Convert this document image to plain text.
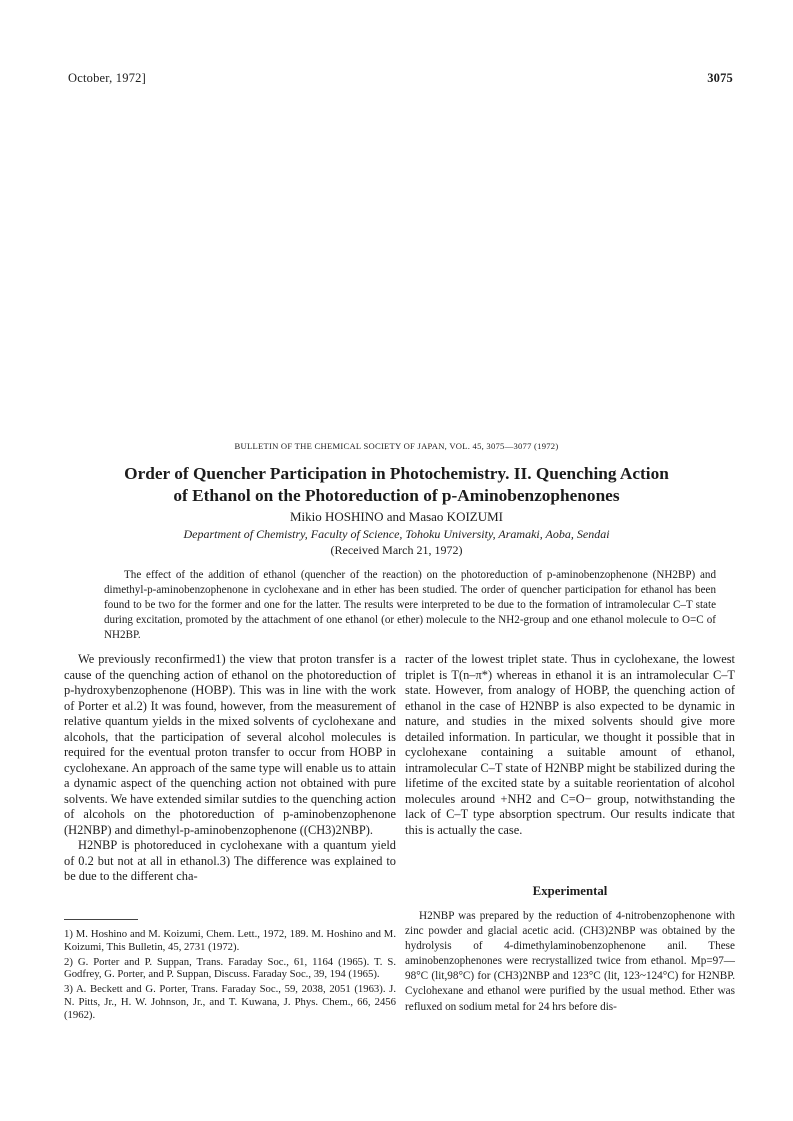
October, 1972]	3075
BULLETIN OF THE CHEMICAL SOCIETY OF JAPAN, VOL. 45, 3075—3077 (1972)
Order of Quencher Participation in Photochemistry. II. Quenching Action
of Ethanol on the Photoreduction of p-Aminobenzophenones
Mikio HOSHINO and Masao KOIZUMI
Department of Chemistry, Faculty of Science, Tohoku University, Aramaki, Aoba, Sendai
(Received March 21, 1972)

The effect of the addition of ethanol (quencher of the reaction) on the photoreduction of p-aminobenzophenone (NH2BP) and dimethyl-p-aminobenzophenone in cyclohexane and in ether has been studied. The order of quencher participation for ethanol has been found to be two for the former and one for the latter. The results were interpreted to be due to the formation of intramolecular C–T state during excitation, promoted by the attachment of one ethanol (or ether) molecule to the NH2-group and one ethanol molecule to O=C of NH2BP.

We previously reconfirmed1) the view that proton transfer is a cause of the quenching action of ethanol on the photoreduction of p-hydroxybenzophenone (HOBP). This was in line with the work of Porter et al.2) It was found, however, from the measurement of relative quantum yields in the mixed solvents of cyclohexane and alcohols, that the participation of several alcohol molecules is required for the eventual proton transfer to occur from HOBP in cyclohexane. An approach of the same type will enable us to attain a dynamic aspect of the quenching action not obtained with pure solvents. We have extended similar sutdies to the quenching action of alcohols on the photoreduction of p-aminobenzophenone (H2NBP) and dimethyl-p-aminobenzophenone ((CH3)2NBP).

H2NBP is photoreduced in cyclohexane with a quantum yield of 0.2 but not at all in ethanol.3) The difference was explained to be due to the different cha-

1) M. Hoshino and M. Koizumi, Chem. Lett., 1972, 189. M. Hoshino and M. Koizumi, This Bulletin, 45, 2731 (1972).

2) G. Porter and P. Suppan, Trans. Faraday Soc., 61, 1164 (1965). T. S. Godfrey, G. Porter, and P. Suppan, Discuss. Faraday Soc., 39, 194 (1965).

3) A. Beckett and G. Porter, Trans. Faraday Soc., 59, 2038, 2051 (1963). J. N. Pitts, Jr., H. W. Johnson, Jr., and T. Kuwana, J. Phys. Chem., 66, 2456 (1962).

racter of the lowest triplet state. Thus in cyclohexane, the lowest triplet is T(n–π*) whereas in ethanol it is an intramolecular C–T state. However, from analogy of HOBP, the quenching action of ethanol in the case of H2NBP is also expected to be dynamic in nature, and studies in the mixed solvents should give more detailed information. In particular, we thought it possible that in cyclohexane containing a suitable amount of ethanol, intramolecular C–T state of H2NBP might be stabilized during the lifetime of the excited state by a suitable reorientation of alcohol molecules around +NH2 and C=O− group, notwithstanding the lack of C–T type absorption spectrum. Our results indicate that this is actually the case.

Experimental

H2NBP was prepared by the reduction of 4-nitrobenzophenone with zinc powder and glacial acetic acid. (CH3)2NBP was obtained by the hydrolysis of 4-dimethylaminobenzophenone anil. These aminobenzophenones were recrystallized twice from ethanol. Mp=97—98°C (lit,98°C) for (CH3)2NBP and 123°C (lit, 123~124°C) for H2NBP. Cyclohexane and ethanol were purified by the usual method. Ether was refluxed on sodium metal for 24 hrs before dis-
